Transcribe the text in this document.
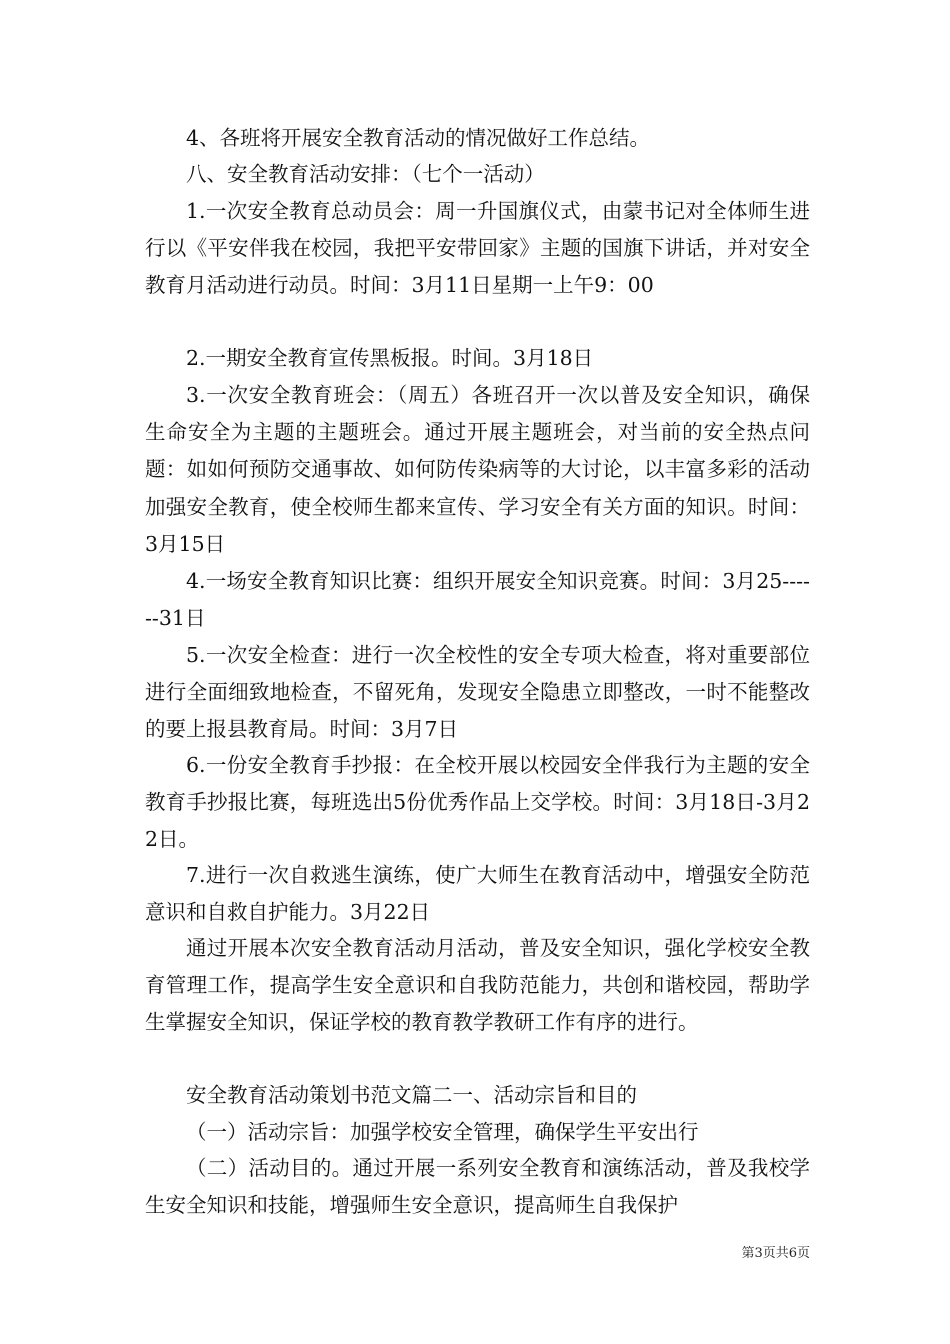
4、各班将开展安全教育活动的情况做好工作总结。

八、安全教育活动安排：（七个一活动）

1.一次安全教育总动员会：周一升国旗仪式，由蒙书记对全体师生进行以《平安伴我在校园，我把平安带回家》主题的国旗下讲话，并对安全教育月活动进行动员。时间：3月11日星期一上午9：00

2.一期安全教育宣传黑板报。时间。3月18日

3.一次安全教育班会：（周五）各班召开一次以普及安全知识，确保生命安全为主题的主题班会。通过开展主题班会，对当前的安全热点问题：如如何预防交通事故、如何防传染病等的大讨论，以丰富多彩的活动加强安全教育，使全校师生都来宣传、学习安全有关方面的知识。时间：3月15日

4.一场安全教育知识比赛：组织开展安全知识竞赛。时间：3月25------31日

5.一次安全检查：进行一次全校性的安全专项大检查，将对重要部位进行全面细致地检查，不留死角，发现安全隐患立即整改，一时不能整改的要上报县教育局。时间：3月7日

6.一份安全教育手抄报：在全校开展以校园安全伴我行为主题的安全教育手抄报比赛，每班选出5份优秀作品上交学校。时间：3月18日-3月22日。

7.进行一次自救逃生演练，使广大师生在教育活动中，增强安全防范意识和自救自护能力。3月22日

通过开展本次安全教育活动月活动，普及安全知识，强化学校安全教育管理工作，提高学生安全意识和自我防范能力，共创和谐校园，帮助学生掌握安全知识，保证学校的教育教学教研工作有序的进行。

安全教育活动策划书范文篇二一、活动宗旨和目的

（一）活动宗旨：加强学校安全管理，确保学生平安出行

（二）活动目的。通过开展一系列安全教育和演练活动，普及我校学生安全知识和技能，增强师生安全意识，提高师生自我保护

第3页共6页
